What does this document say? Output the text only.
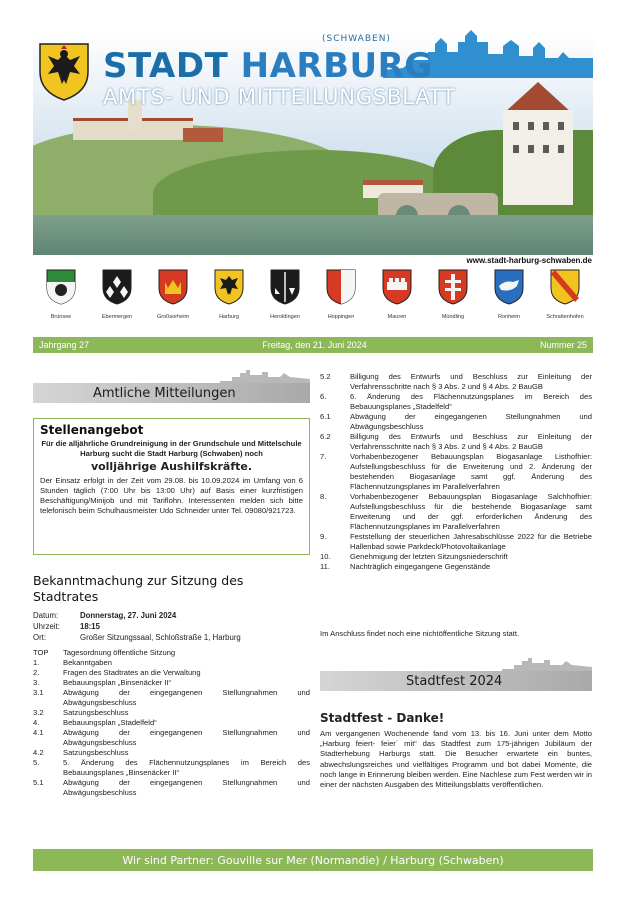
STADT HARBURG
(SCHWABEN)
AMTS- UND MITTEILUNGSBLATT
www.stadt-harburg-schwaben.de
Brünsee	Ebermergen	Großsorheim	Harburg	Heroldingen	Hoppingen	Mauren	Mündling	Ronheim	Schrattenhofen
Jahrgang 27	Freitag, den 21. Juni 2024	Nummer 25
Amtliche Mitteilungen
Stellenangebot
Für die alljährliche Grundreinigung in der Grundschule und Mittelschule Harburg sucht die Stadt Harburg (Schwaben) noch
volljährige Aushilfskräfte.
Der Einsatz erfolgt in der Zeit vom 29.08. bis 10.09.2024 im Umfang von 6 Stunden täglich (7:00 Uhr bis 13:00 Uhr) auf Basis einer kurzfristigen Beschäftigung/Minijob und mit Tariflohn. Interessenten melden sich bitte telefonisch beim Schulhausmeister Udo Schneider unter Tel. 09080/921723.
Bekanntmachung zur Sitzung des Stadtrates
Datum:	Donnerstag, 27. Juni 2024
Uhrzeit:	18:15
Ort:	Großer Sitzungssaal, Schloßstraße 1, Harburg
TOP	Tagesordnung öffentliche Sitzung
1.	Bekanntgaben
2.	Fragen des Stadtrates an die Verwaltung
3.	Bebauungsplan „Binsenäcker II“
3.1	Abwägung der eingegangenen Stellungnahmen und Abwägungsbeschluss
3.2	Satzungsbeschluss
4.	Bebauungsplan „Stadelfeld“
4.1	Abwägung der eingegangenen Stellungnahmen und Abwägungsbeschluss
4.2	Satzungsbeschluss
5.	5. Änderung des Flächennutzungsplanes im Bereich des Bebauungsplanes „Binsenäcker II“
5.1	Abwägung der eingegangenen Stellungnahmen und Abwägungsbeschluss
5.2	Billigung des Entwurfs und Beschluss zur Einleitung der Verfahrensschritte nach § 3 Abs. 2 und § 4 Abs. 2 BauGB
6.	6. Änderung des Flächennutzungsplanes im Bereich des Bebauungsplanes „Stadelfeld“
6.1	Abwägung der eingegangenen Stellungnahmen und Abwägungsbeschluss
6.2	Billigung des Entwurfs und Beschluss zur Einleitung der Verfahrensschritte nach § 3 Abs. 2 und § 4 Abs. 2 BauGB
7.	Vorhabenbezogener Bebauungsplan Biogasanlage Listhofhier: Aufstellungsbeschluss für die Erweiterung und 2. Änderung der bestehenden Biogasanlage samt ggf. Änderung des Flächennutzungsplanes im Parallelverfahren
8.	Vorhabenbezogener Bebauungsplan Biogasanlage Salchhofhier: Aufstellungsbeschluss für die bestehende Biogasanlage samt Erweiterung und der ggf. erforderlichen Änderung des Flächennutzungsplanes im Parallelverfahren
9.	Feststellung der steuerlichen Jahresabschlüsse 2022 für die Betriebe Hallenbad sowie Parkdeck/Photovoltaikanlage
10.	Genehmigung der letzten Sitzungsniederschrift
11.	Nachträglich eingegangene Gegenstände
Im Anschluss findet noch eine nichtöffentliche Sitzung statt.
Stadtfest 2024
Stadtfest - Danke!
Am vergangenen Wochenende fand vom 13. bis 16. Juni unter dem Motto „Harburg feiert- feier´ mit“ das Stadtfest zum 175-jährigen Jubiläum der Stadterhebung Harburgs statt. Die Besucher erwartete ein buntes, abwechslungsreiches und vielfältiges Programm und bot dabei Momente, die noch lange in Erinnerung bleiben werden. Eine Nachlese zum Fest werden wir in einer der nächsten Ausgaben des Mitteilungsblatts veröffentlichen.
Wir sind Partner: Gouville sur Mer (Normandie) / Harburg (Schwaben)
